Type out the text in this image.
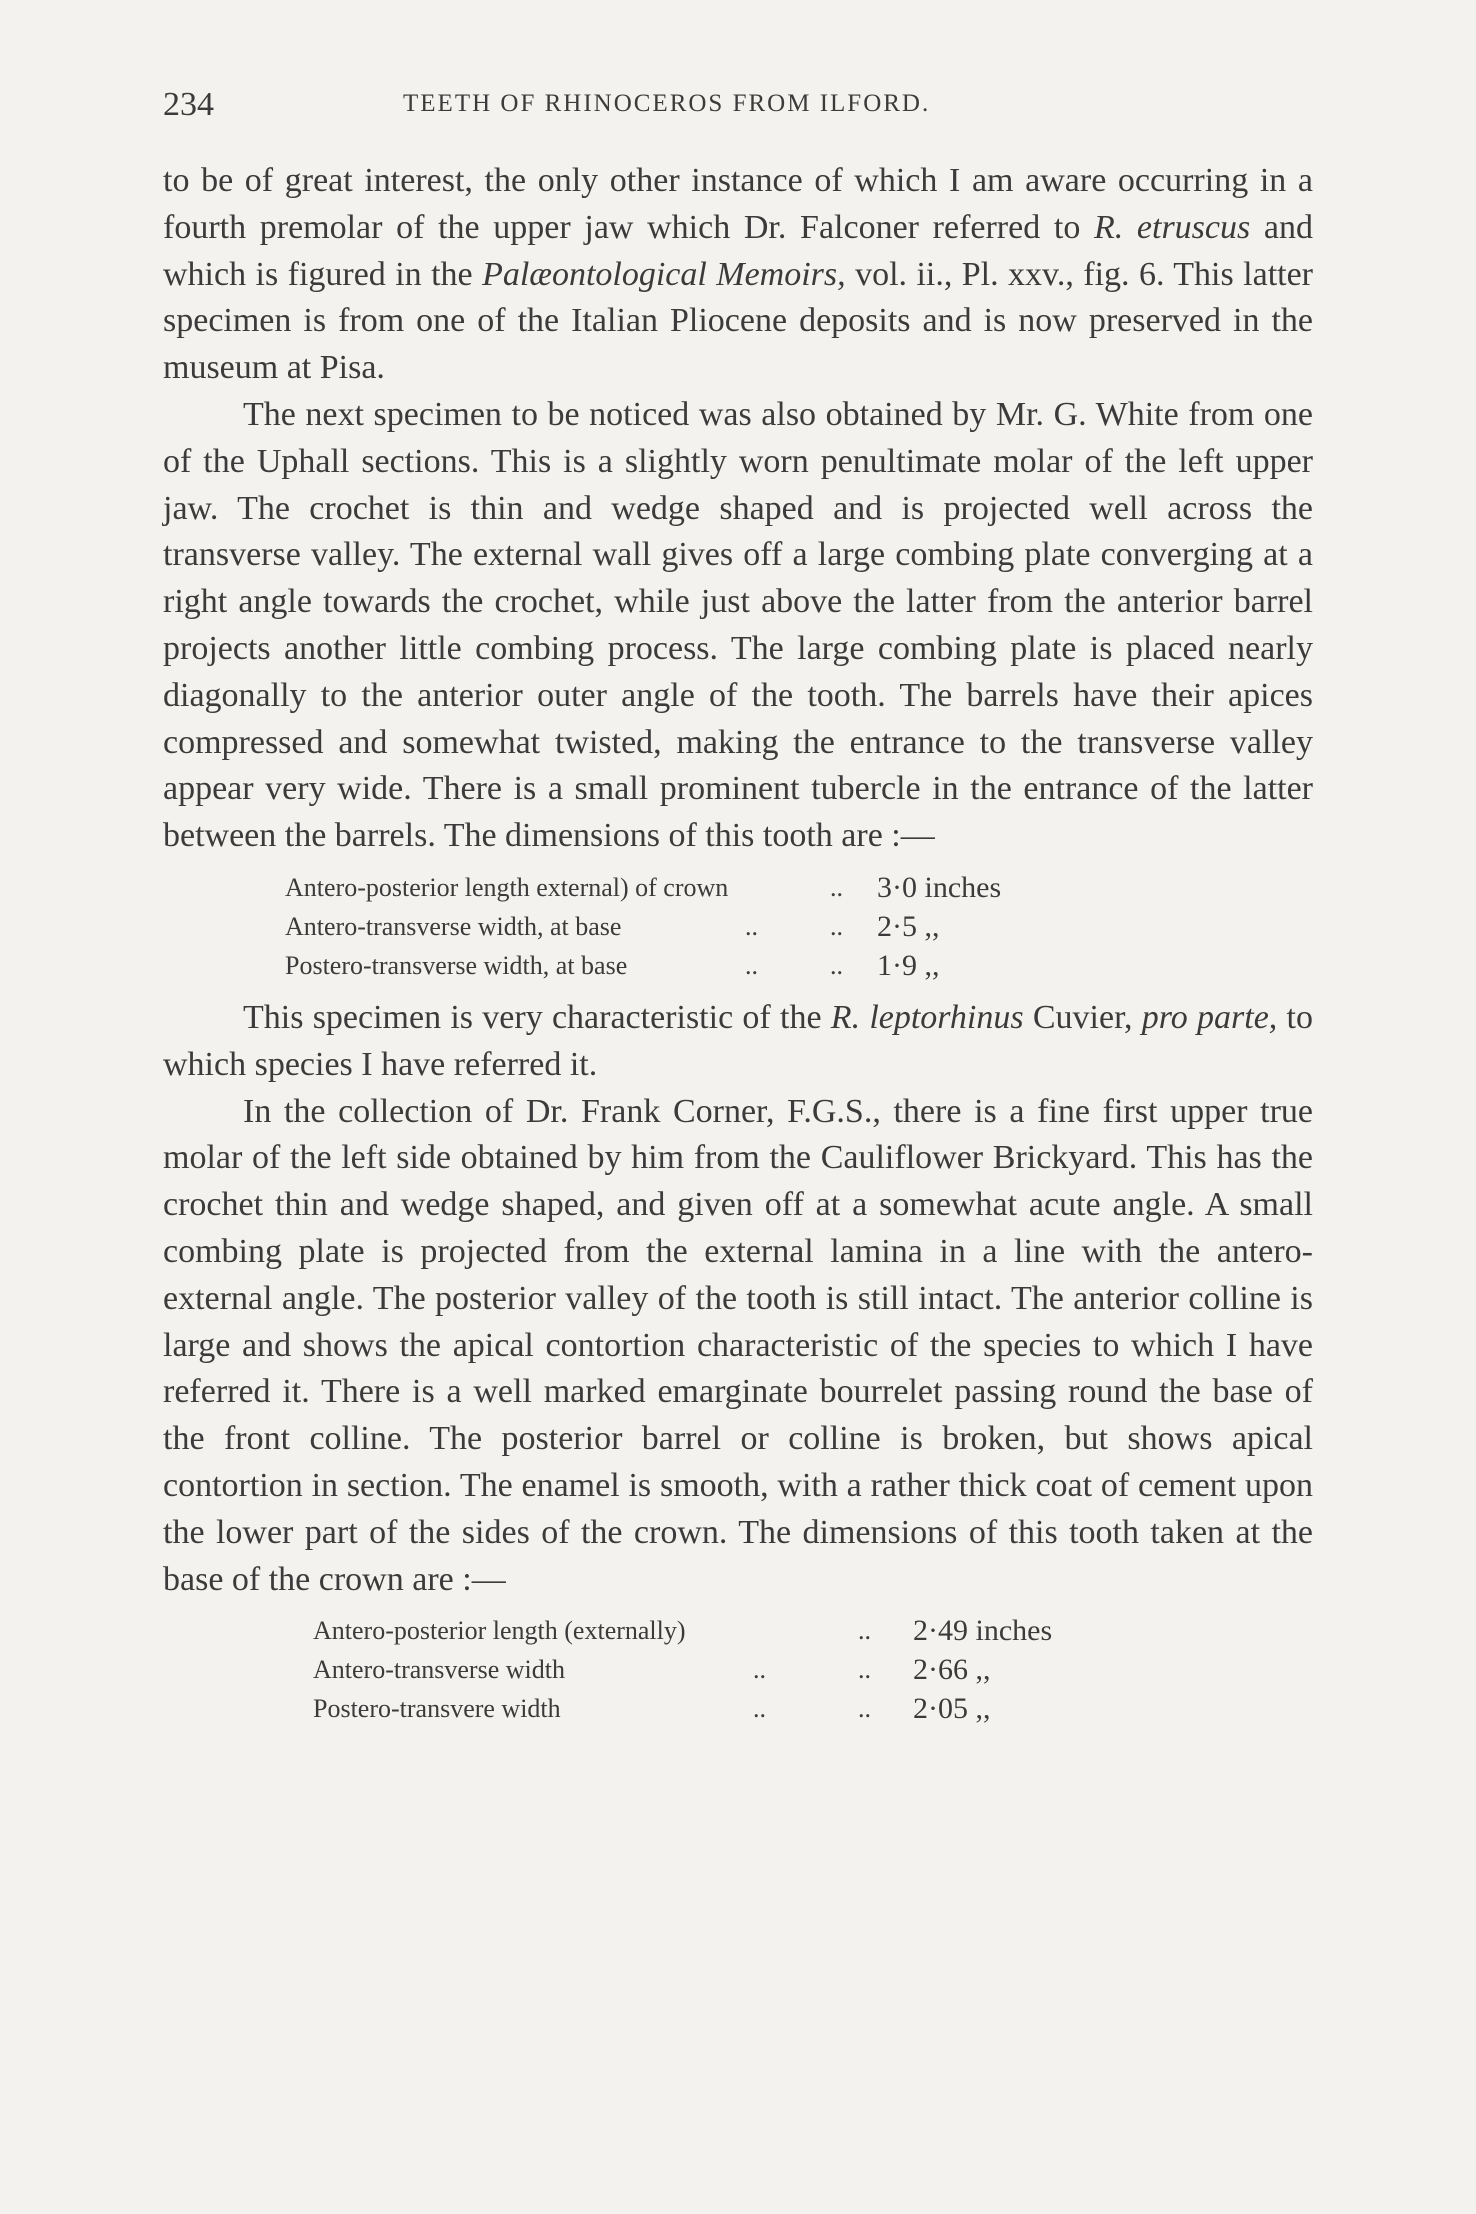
234	TEETH OF RHINOCEROS FROM ILFORD.

to be of great interest, the only other instance of which I am aware occurring in a fourth premolar of the upper jaw which Dr. Falconer referred to R. etruscus and which is figured in the Palæontological Memoirs, vol. ii., Pl. xxv., fig. 6. This latter specimen is from one of the Italian Pliocene deposits and is now preserved in the museum at Pisa.

The next specimen to be noticed was also obtained by Mr. G. White from one of the Uphall sections. This is a slightly worn penultimate molar of the left upper jaw. The crochet is thin and wedge shaped and is projected well across the transverse valley. The external wall gives off a large combing plate converging at a right angle towards the crochet, while just above the latter from the anterior barrel projects another little combing process. The large combing plate is placed nearly diagonally to the anterior outer angle of the tooth. The barrels have their apices compressed and somewhat twisted, making the entrance to the transverse valley appear very wide. There is a small prominent tubercle in the entrance of the latter between the barrels. The dimensions of this tooth are :—

Antero-posterior length external) of crown	.. 3·0 inches
Antero-transverse width, at base	..	.. 2·5 ,,
Postero-transverse width, at base	..	.. 1·9 ,,

This specimen is very characteristic of the R. leptorhinus Cuvier, pro parte, to which species I have referred it.

In the collection of Dr. Frank Corner, F.G.S., there is a fine first upper true molar of the left side obtained by him from the Cauliflower Brickyard. This has the crochet thin and wedge shaped, and given off at a somewhat acute angle. A small combing plate is projected from the external lamina in a line with the antero-external angle. The posterior valley of the tooth is still intact. The anterior colline is large and shows the apical contortion characteristic of the species to which I have referred it. There is a well marked emarginate bourrelet passing round the base of the front colline. The posterior barrel or colline is broken, but shows apical contortion in section. The enamel is smooth, with a rather thick coat of cement upon the lower part of the sides of the crown. The dimensions of this tooth taken at the base of the crown are :—

Antero-posterior length (externally)	.. 2·49 inches
Antero-transverse width	..	.. 2·66 ,,
Postero-transvere width	..	.. 2·05 ,,
